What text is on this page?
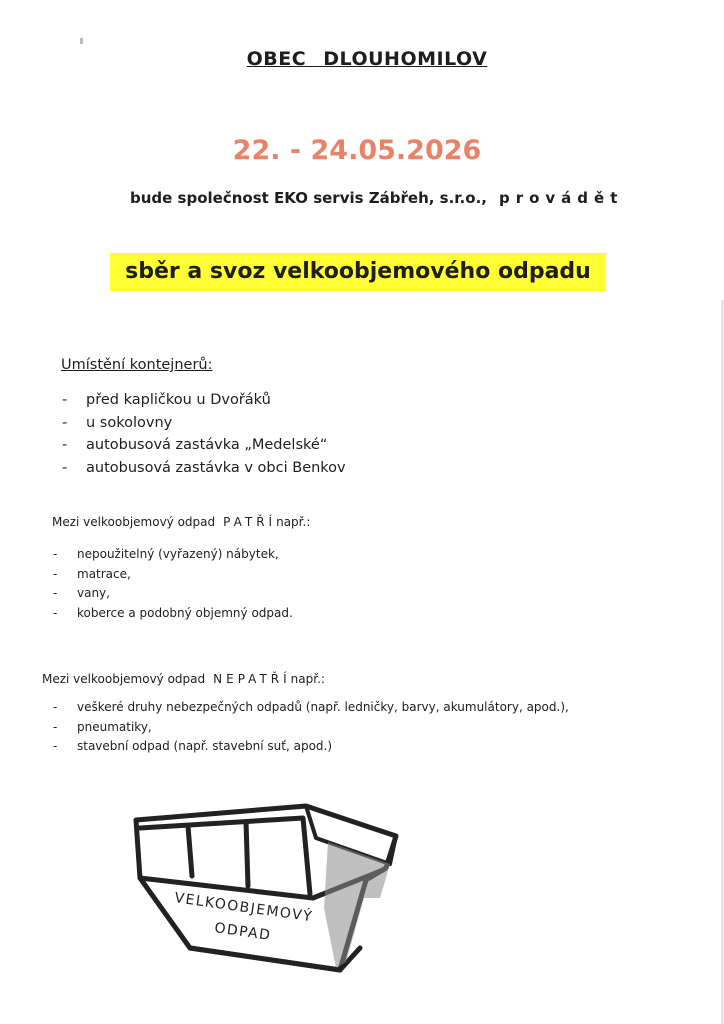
OBEC DLOUHOMILOV
22. - 24.05.2026
bude společnost EKO servis Zábřeh, s.r.o., provádět
sběr a svoz velkoobjemového odpadu
Umístění kontejnerů:
- před kapličkou u Dvořáků
- u sokolovny
- autobusová zastávka „Medelské“
- autobusová zastávka v obci Benkov
Mezi velkoobjemový odpad PATŘÍnapř.:
- nepoužitelný (vyřazený) nábytek,
- matrace,
- vany,
- koberce a podobný objemný odpad.
Mezi velkoobjemový odpad NEPATŘÍnapř.:
- veškeré druhy nebezpečných odpadů (např. ledničky, barvy, akumulátory, apod.),
- pneumatiky,
- stavební odpad (např. stavební suť, apod.)
VELKOOBJEMOVÝ
ODPAD
